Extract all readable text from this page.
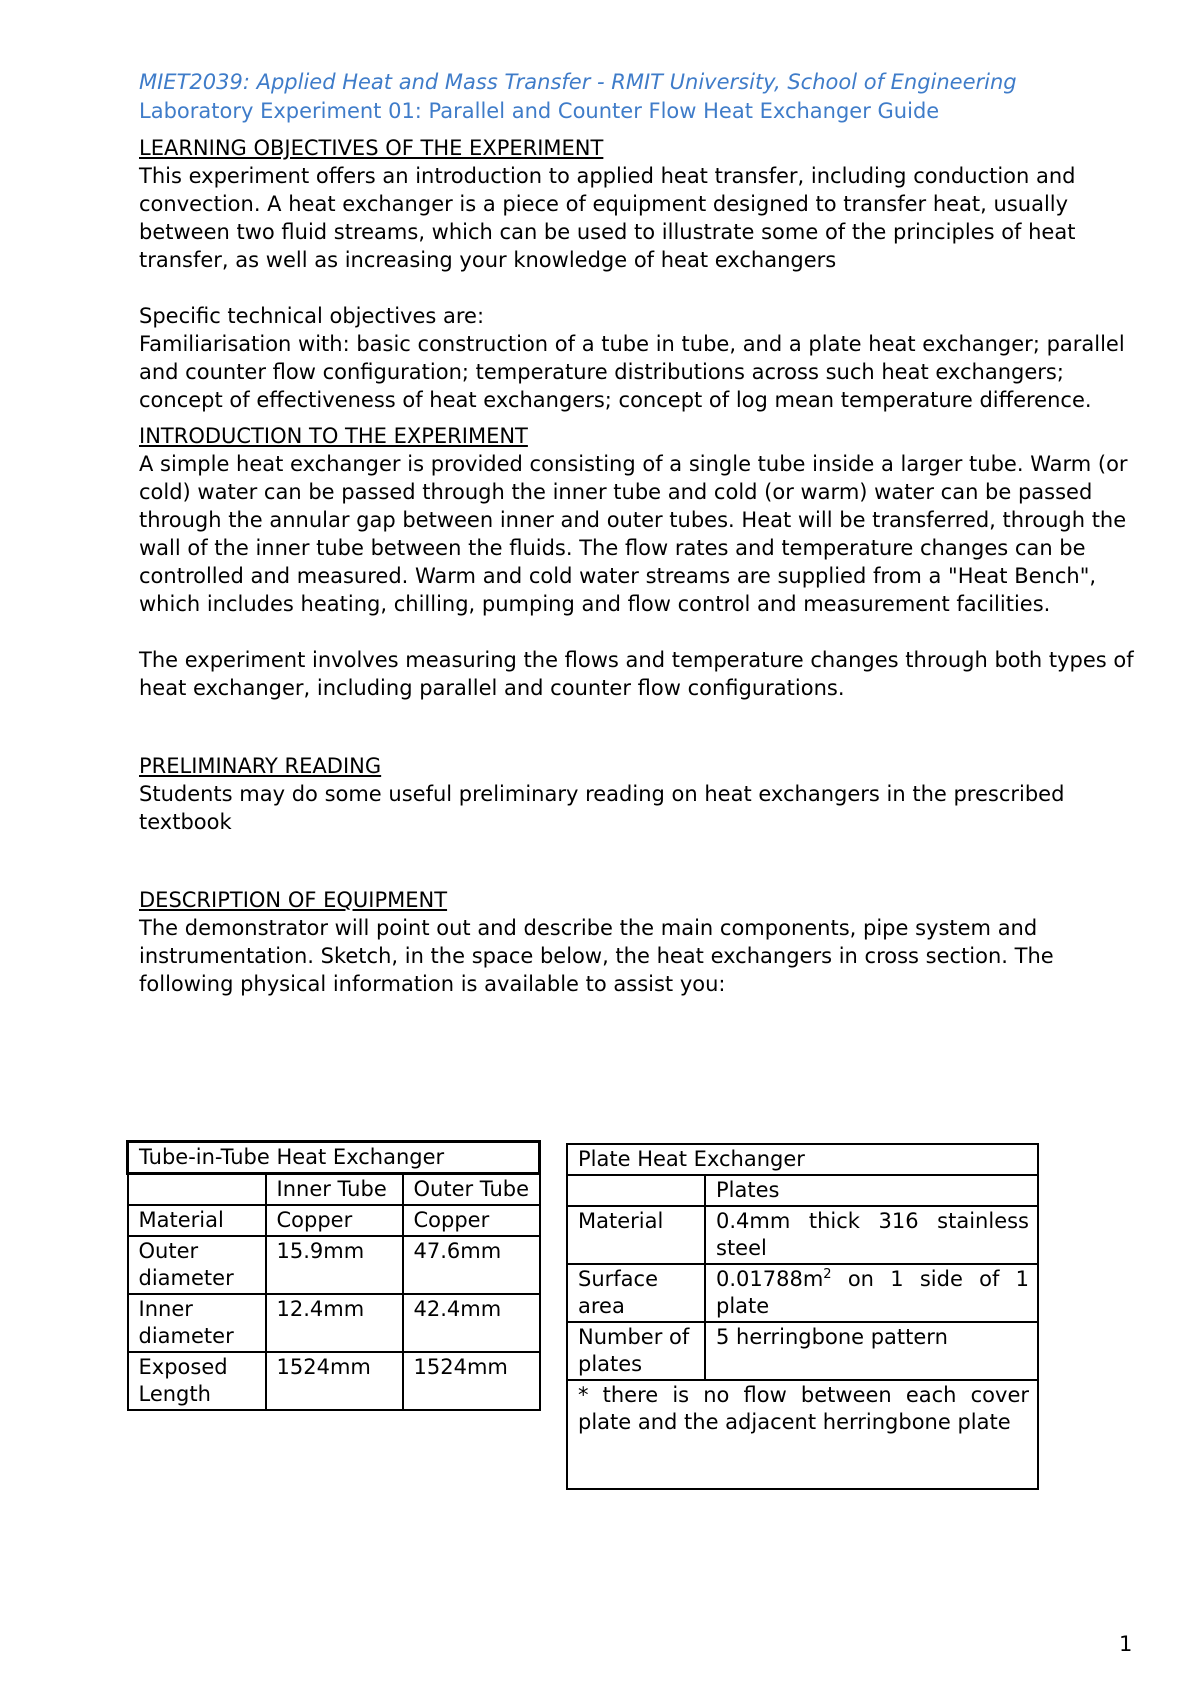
MIET2039: Applied Heat and Mass Transfer - RMIT University, School of Engineering
Laboratory Experiment 01: Parallel and Counter Flow Heat Exchanger Guide
LEARNING OBJECTIVES OF THE EXPERIMENT

This experiment offers an introduction to applied heat transfer, including conduction and convection. A heat exchanger is a piece of equipment designed to transfer heat, usually between two fluid streams, which can be used to illustrate some of the principles of heat transfer, as well as increasing your knowledge of heat exchangers

Specific technical objectives are:

Familiarisation with: basic construction of a tube in tube, and a plate heat exchanger; parallel and counter flow configuration; temperature distributions across such heat exchangers; concept of effectiveness of heat exchangers; concept of log mean temperature difference.

INTRODUCTION TO THE EXPERIMENT

A simple heat exchanger is provided consisting of a single tube inside a larger tube. Warm (or cold) water can be passed through the inner tube and cold (or warm) water can be passed through the annular gap between inner and outer tubes. Heat will be transferred, through the wall of the inner tube between the fluids. The flow rates and temperature changes can be controlled and measured. Warm and cold water streams are supplied from a "Heat Bench", which includes heating, chilling, pumping and flow control and measurement facilities.

The experiment involves measuring the flows and temperature changes through both types of heat exchanger, including parallel and counter flow configurations.

PRELIMINARY READING

Students may do some useful preliminary reading on heat exchangers in the prescribed textbook

DESCRIPTION OF EQUIPMENT

The demonstrator will point out and describe the main components, pipe system and instrumentation. Sketch, in the space below, the heat exchangers in cross section. The following physical information is available to assist you:

Tube-in-Tube Heat Exchanger		
	Inner Tube	Outer Tube
Material	Copper	Copper
Outer diameter	15.9mm	47.6mm
Inner diameter	12.4mm	42.4mm
Exposed Length	1524mm	1524mm
Plate Heat Exchanger	
	Plates
Material	0.4mm thick 316 stainless steel
Surface area	$0.01788m^2$ on 1 side of 1 plate
Number of plates	5 herringbone pattern
* there is no flow between each cover plate and the adjacent herringbone plate	
1
